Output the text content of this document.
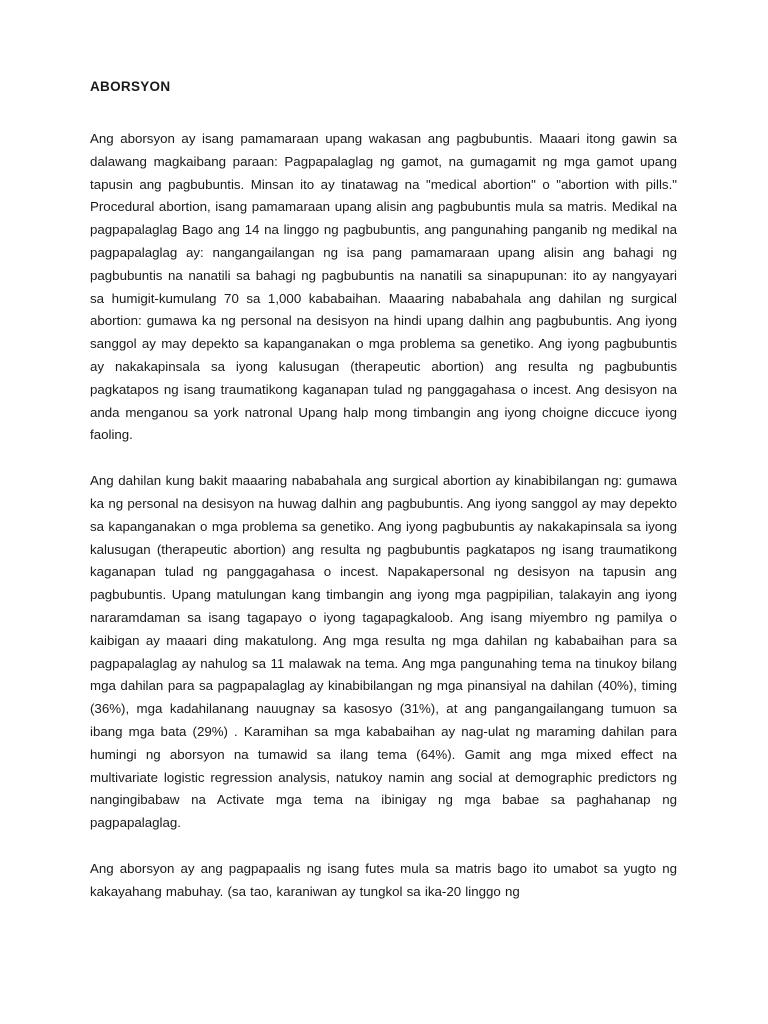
ABORSYON

Ang aborsyon ay isang pamamaraan upang wakasan ang pagbubuntis. Maaari itong gawin sa dalawang magkaibang paraan: Pagpapalaglag ng gamot, na gumagamit ng mga gamot upang tapusin ang pagbubuntis. Minsan ito ay tinatawag na "medical abortion" o "abortion with pills." Procedural abortion, isang pamamaraan upang alisin ang pagbubuntis mula sa matris. Medikal na pagpapalaglag Bago ang 14 na linggo ng pagbubuntis, ang pangunahing panganib ng medikal na pagpapalaglag ay: nangangailangan ng isa pang pamamaraan upang alisin ang bahagi ng pagbubuntis na nanatili sa bahagi ng pagbubuntis na nanatili sa sinapupunan: ito ay nangyayari sa humigit-kumulang 70 sa 1,000 kababaihan. Maaaring nababahala ang dahilan ng surgical abortion: gumawa ka ng personal na desisyon na hindi upang dalhin ang pagbubuntis. Ang iyong sanggol ay may depekto sa kapanganakan o mga problema sa genetiko. Ang iyong pagbubuntis ay nakakapinsala sa iyong kalusugan (therapeutic abortion) ang resulta ng pagbubuntis pagkatapos ng isang traumatikong kaganapan tulad ng panggagahasa o incest. Ang desisyon na anda menganou sa york natronal Upang halp mong timbangin ang iyong choigne diccuce iyong faoling.

Ang dahilan kung bakit maaaring nababahala ang surgical abortion ay kinabibilangan ng: gumawa ka ng personal na desisyon na huwag dalhin ang pagbubuntis. Ang iyong sanggol ay may depekto sa kapanganakan o mga problema sa genetiko. Ang iyong pagbubuntis ay nakakapinsala sa iyong kalusugan (therapeutic abortion) ang resulta ng pagbubuntis pagkatapos ng isang traumatikong kaganapan tulad ng panggagahasa o incest. Napakapersonal ng desisyon na tapusin ang pagbubuntis. Upang matulungan kang timbangin ang iyong mga pagpipilian, talakayin ang iyong nararamdaman sa isang tagapayo o iyong tagapagkaloob. Ang isang miyembro ng pamilya o kaibigan ay maaari ding makatulong. Ang mga resulta ng mga dahilan ng kababaihan para sa pagpapalaglag ay nahulog sa 11 malawak na tema. Ang mga pangunahing tema na tinukoy bilang mga dahilan para sa pagpapalaglag ay kinabibilangan ng mga pinansiyal na dahilan (40%), timing (36%), mga kadahilanang nauugnay sa kasosyo (31%), at ang pangangailangang tumuon sa ibang mga bata (29%) . Karamihan sa mga kababaihan ay nag-ulat ng maraming dahilan para humingi ng aborsyon na tumawid sa ilang tema (64%). Gamit ang mga mixed effect na multivariate logistic regression analysis, natukoy namin ang social at demographic predictors ng nangingibabaw na Activate mga tema na ibinigay ng mga babae sa paghahanap ng pagpapalaglag.

Ang aborsyon ay ang pagpapaalis ng isang futes mula sa matris bago ito umabot sa yugto ng kakayahang mabuhay. (sa tao, karaniwan ay tungkol sa ika-20 linggo ng
